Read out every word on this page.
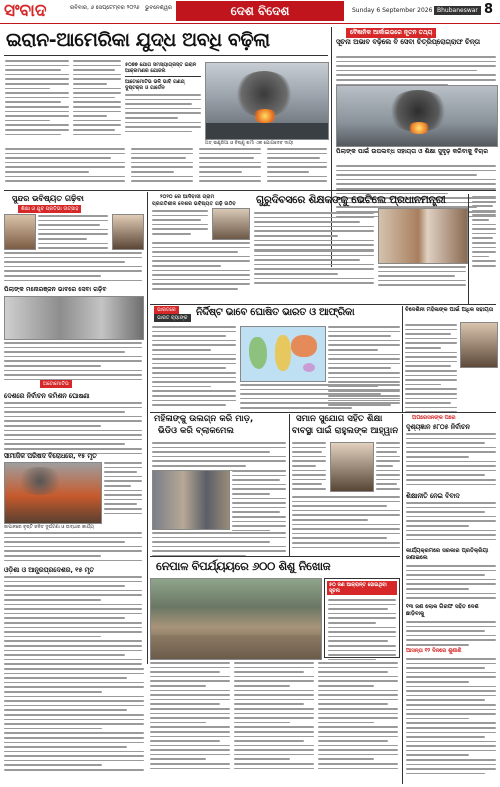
ସଂବାଦ	ରବିବାର, ୬ ସେପ୍ଟେମ୍ବର ୨୦୨୬ ଭୁବନେଶ୍ୱର	ଦେଶ ବିଦେଶ	Sunday 6 September 2026 Bhubaneswar 8
ଇରାନ-ଆମେରିକା ଯୁଦ୍ଧ ଅବଧି ବଢ଼ିଲା
୫୦୭୭ ଯୋଗ ସମସ୍ୟାଗ୍ରସ୍ତ ଇରାନ ଆକ୍ରମଣର ଯୋଜନା
ଆଟୋମୋଟିଭ ଭଳି ଭାବି ଗଣଯ୍ ଦୁଷ୍ଟକ୍ର ଓ ଗାର୍ଡେନ
ଅତ୍ ଇଣ୍ଡ୍ରିଆ ଓ ବିଷ୍ଣୁ ଶର୍ମା ଏକ ଯୋଗଦେବ ଦାୟୀ
ବୈଜ୍ଞାନିକ ଆର୍କାଇଭରେ ନୂତନ ତଥ୍ୟ
ସୂଚନା ଅଭାବ ବଢ଼ିଲେ ବି ସେବା ଚିତ୍ରିପ୍ରୋଗ୍ରାଫ ଚିନ୍ତା
ପିଲାଙ୍କ ପାଇଁ ଉପଲବ୍ଧ ସହାୟତା ଓ ଶିକ୍ଷା ସୁଦୃଢ଼ କରିବାକୁ ବିଚାର
ସୁନ୍ଦର ଭବିଷ୍ୟତ ଗଢ଼ିବା
ଶିକ୍ଷା ଓ ଯୁବ ପ୍ରତିଭା ଉତ୍ସାହ
ପିଲାଙ୍କ ମନୋରଞ୍ଜନ ଭାବରେ ସେବା ଗଢ଼ିବ
ଅଟୋମୋଟିଭ
ଦେଶରେ ନିର୍ବାଚନ କମିଶନ ଘୋଷଣା
ସାମାଜିକ ପରିଷଦ ବିରୋଧରେ, ୧୫ ମୃତ
ଜାପାନରେ ବୃଷ୍ଟି ଜନିତ ଦୁର୍ଘଟଣା ଓ ଉଦ୍ଧାର କାର୍ଯ୍ୟ
ଓଡ଼ିଶା ଓ ଆନ୍ଧ୍ରପ୍ରଦେଶର, ୧୫ ମୃତ
୨୦୨୦ ରେ ଆଦିବାସୀ ଗ୍ରାମ
ପ୍ରଗତିଶୀଳ ଦେଶର ଭବିଷ୍ୟତ ଗଢ଼ି ଉଠିବ ଗୁରୁଦିବସରେ ଶିକ୍ଷକଙ୍କୁ ଭେଟିଲେ ପ୍ରଧାନମନ୍ତ୍ରୀ
ଭାରତରେ
ଭାରତ ବ୍ୟାଙ୍କ ନିର୍ଦ୍ଦିଷ୍ଟ ଭାବେ ଘୋଷିତ ଭାରତ ଓ ଆଫ୍ରିକା	ବିଦେଶିନୀ ମହିଳାଙ୍କ ପାଇଁ ଅଧିକ ସହାୟତା
ମହିଳାଙ୍କୁ ଉଲଗ୍ନ କରି ମାଡ଼,
ଭିଡିଓ କରି ବ୍ଲାକମେଲ
ସମାନ ସୁଯୋଗ ସହିତ ଶିକ୍ଷା
ବାବସ୍ଥା ପାଇଁ ରାହୁଲଙ୍କ ଆହ୍ୱାନ
ଅପରେସନଙ୍କ ପରେ
ଦୃଶ୍ୟଜ୍ଞାନ ୫୮୦୫ ନିର୍ବାଚନ
ଶିକ୍ଷାନୀତି ନେଇ ବିବାଦ
କାର୍ଯ୍ୟକ୍ରମରେ ସରକାର ପ୍ରତିକ୍ରିୟା ଜଣାଇଲେ
୧୩ ଜଣ ଲୋକ ଗିରଫ ସହିତ ଦେଶ ଛାଡ଼ିବାକୁ
ଆସନ୍ତା ୧୨ ଦିନରେ ଶୁଣାଣି
ନେପାଳ ବିପର୍ଯ୍ୟୟରେ ୬୦୦ ଶିଶୁ ନିଖୋଜ
୫୦ ଜଣ ଆକ୍ରାନ୍ତ ହୋଇଥିବା ସୂଚନା
